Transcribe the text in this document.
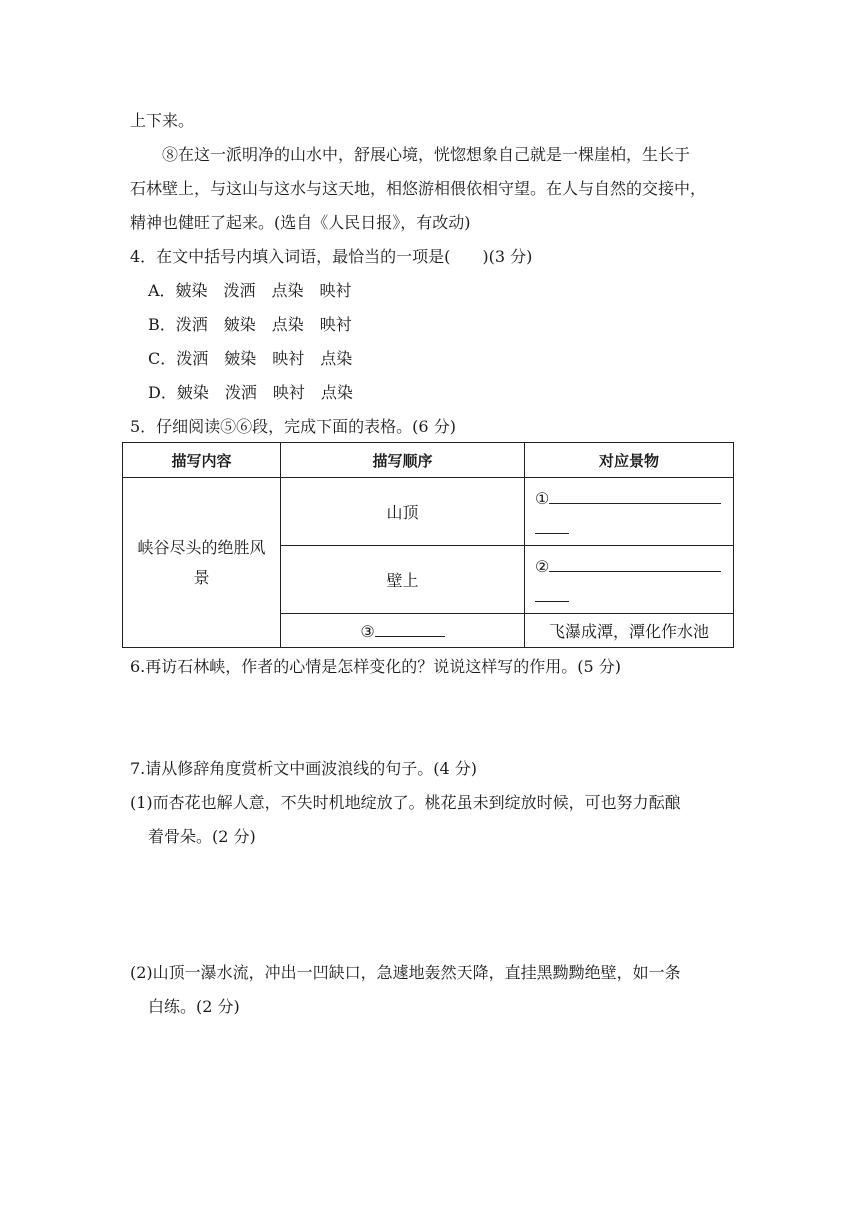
上下来。
⑧在这一派明净的山水中，舒展心境，恍惚想象自己就是一棵崖柏，生长于
石林壁上，与这山与这水与这天地，相悠游相偎依相守望。在人与自然的交接中，
精神也健旺了起来。(选自《人民日报》，有改动)
4．在文中括号内填入词语，最恰当的一项是(　　)(3 分)
A．皴染　泼洒　点染　映衬
B．泼洒　皴染　点染　映衬
C．泼洒　皴染　映衬　点染
D．皴染　泼洒　映衬　点染
5．仔细阅读⑤⑥段，完成下面的表格。(6 分)
描写内容	描写顺序	对应景物
峡谷尽头的绝胜风景	山顶	①

	壁上	②

	③	飞瀑成潭，潭化作水池
6.再访石林峡，作者的心情是怎样变化的？说说这样写的作用。(5 分)
7.请从修辞角度赏析文中画波浪线的句子。(4 分)
(1)而杏花也解人意，不失时机地绽放了。桃花虽未到绽放时候，可也努力酝酿
着骨朵。(2 分)
(2)山顶一瀑水流，冲出一凹缺口，急遽地轰然天降，直挂黑黝黝绝壁，如一条
白练。(2 分)
